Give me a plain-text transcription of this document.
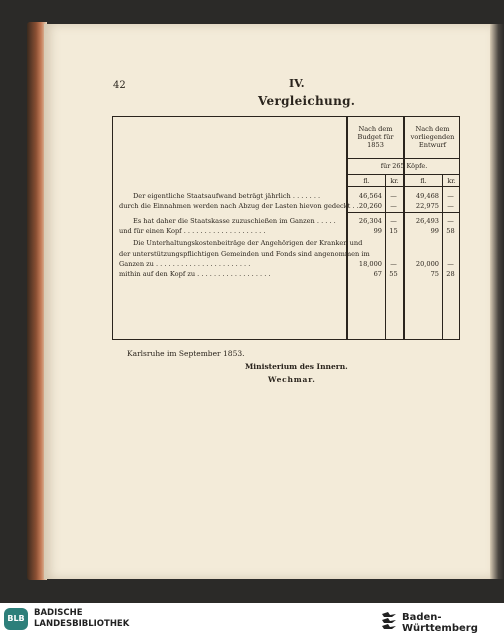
42	IV.
Vergleichung.
Nach dem
Budget für
1853
Nach dem
vorliegenden
Entwurf
für 265 Köpfe.
fl.	kr.	fl.	kr.
Der eigentliche Staatsaufwand beträgt jährlich . . . . . . .	46,564	—	49,468	—
durch die Einnahmen werden nach Abzug der Lasten hievon gedeckt . . 20,260	—	22,975	—
Es hat daher die Staatskasse zuzuschießen im Ganzen . . . . .	26,304	—	26,493	—
und für einen Kopf . . . . . . . . . . . . . . . . . . . .	99	15	99	58
Die Unterhaltungskostenbeiträge der Angehörigen der Kranken und
der unterstützungspflichtigen Gemeinden und Fonds sind angenommen im
Ganzen zu . . . . . . . . . . . . . . . . . . . . . . .	18,000	—	20,000	—
mithin auf den Kopf zu . . . . . . . . . . . . . . . . . .	67	55	75	28
Karlsruhe im September 1853.
Ministerium des Innern.
Wechmar.
BLB
BADISCHE
LANDESBIBLIOTHEK
Baden-Württemberg
